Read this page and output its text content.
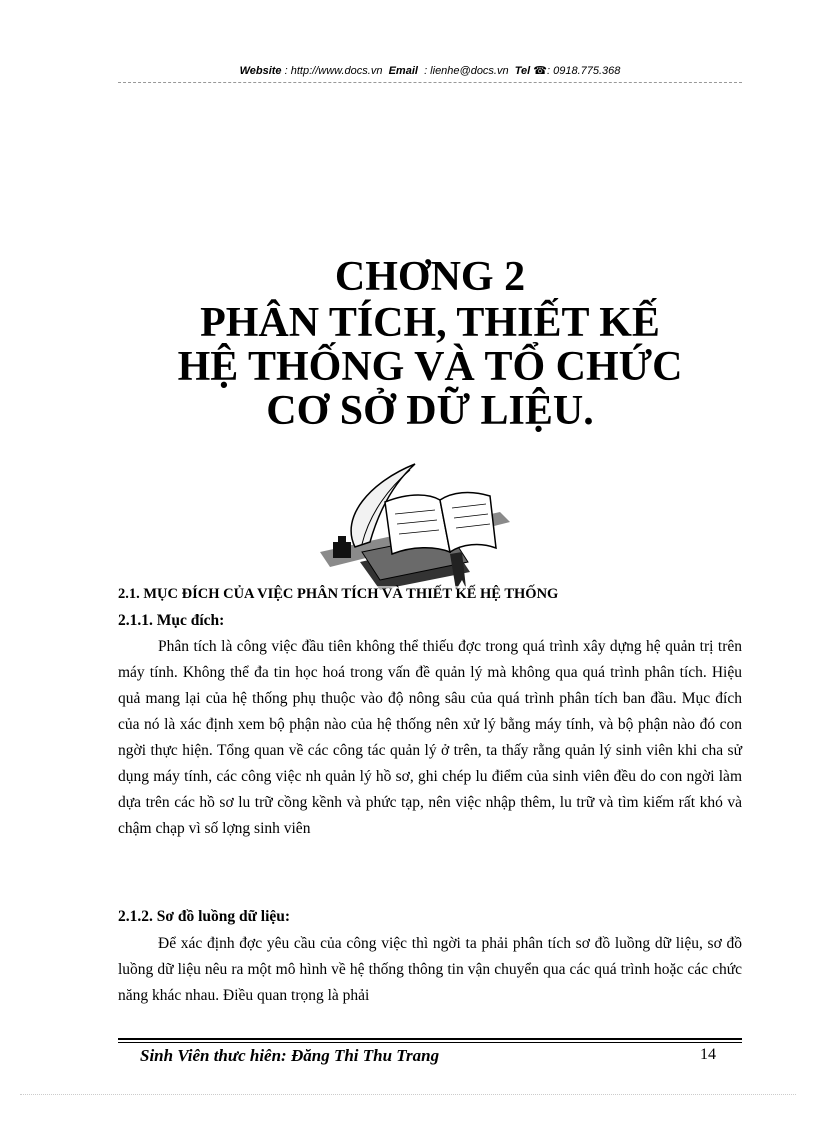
Website : http://www.docs.vn Email : lienhe@docs.vn Tel ☎: 0918.775.368
CHƠNG 2
PHÂN TÍCH, THIẾT KẾ
HỆ THỐNG VÀ TỔ CHỨC
CƠ SỞ DỮ LIỆU.
2.1. MỤC ĐÍCH CỦA VIỆC PHÂN TÍCH VÀ THIẾT KẾ HỆ THỐNG
2.1.1. Mục đích:
Phân tích là công việc đầu tiên không thể thiếu đợc trong quá trình xây dựng hệ quản trị trên máy tính. Không thể đa tin học hoá trong vấn đề quản lý mà không qua quá trình phân tích. Hiệu quả mang lại của hệ thống phụ thuộc vào độ nông sâu của quá trình phân tích ban đầu. Mục đích của nó là xác định xem bộ phận nào của hệ thống nên xử lý bằng máy tính, và bộ phận nào đó con ngời thực hiện. Tổng quan về các công tác quản lý ở trên, ta thấy rằng quản lý sinh viên khi cha sử dụng máy tính, các công việc nh quản lý hồ sơ, ghi chép lu điểm của sinh viên đều do con ngời làm dựa trên các hồ sơ lu trữ cồng kềnh và phức tạp, nên việc nhập thêm, lu trữ và tìm kiếm rất khó và chậm chạp vì số lợng sinh viên
2.1.2. Sơ đồ luồng dữ liệu:
Để xác định đợc yêu cầu của công việc thì ngời ta phải phân tích sơ đồ luồng dữ liệu, sơ đồ luồng dữ liệu nêu ra một mô hình về hệ thống thông tin vận chuyển qua các quá trình hoặc các chức năng khác nhau. Điều quan trọng là phải
Sinh Viên thưc hiên: Đăng Thi Thu Trang	14
